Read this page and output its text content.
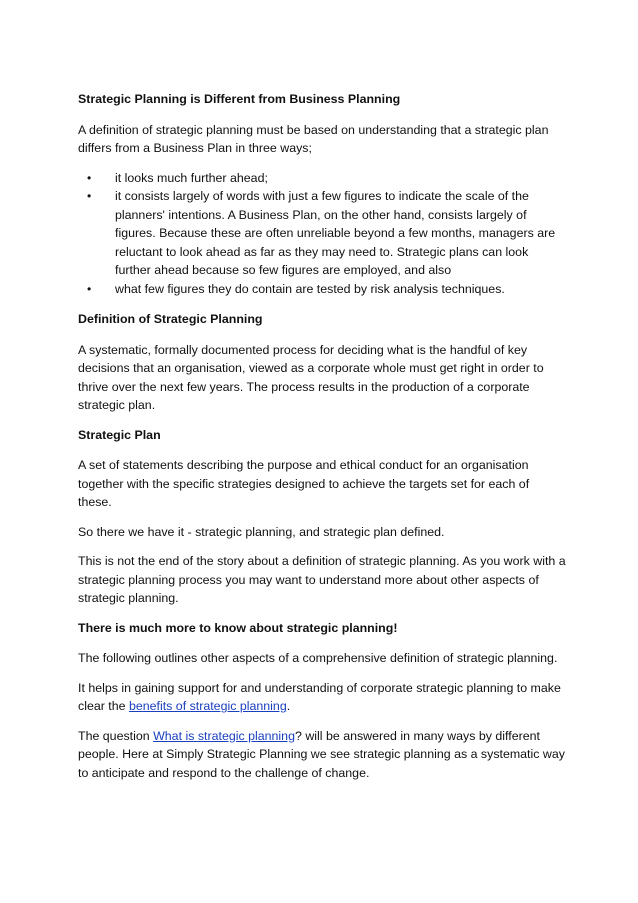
Strategic Planning is Different from Business Planning

A definition of strategic planning must be based on understanding that a strategic plan differs from a Business Plan in three ways;

• it looks much further ahead;
• it consists largely of words with just a few figures to indicate the scale of the planners' intentions. A Business Plan, on the other hand, consists largely of figures. Because these are often unreliable beyond a few months, managers are reluctant to look ahead as far as they may need to. Strategic plans can look further ahead because so few figures are employed, and also
• what few figures they do contain are tested by risk analysis techniques.

Definition of Strategic Planning

A systematic, formally documented process for deciding what is the handful of key decisions that an organisation, viewed as a corporate whole must get right in order to thrive over the next few years. The process results in the production of a corporate strategic plan.

Strategic Plan

A set of statements describing the purpose and ethical conduct for an organisation together with the specific strategies designed to achieve the targets set for each of these.

So there we have it - strategic planning, and strategic plan defined.

This is not the end of the story about a definition of strategic planning. As you work with a strategic planning process you may want to understand more about other aspects of strategic planning.

There is much more to know about strategic planning!

The following outlines other aspects of a comprehensive definition of strategic planning.

It helps in gaining support for and understanding of corporate strategic planning to make clear the benefits of strategic planning.

The question What is strategic planning? will be answered in many ways by different people. Here at Simply Strategic Planning we see strategic planning as a systematic way to anticipate and respond to the challenge of change.
